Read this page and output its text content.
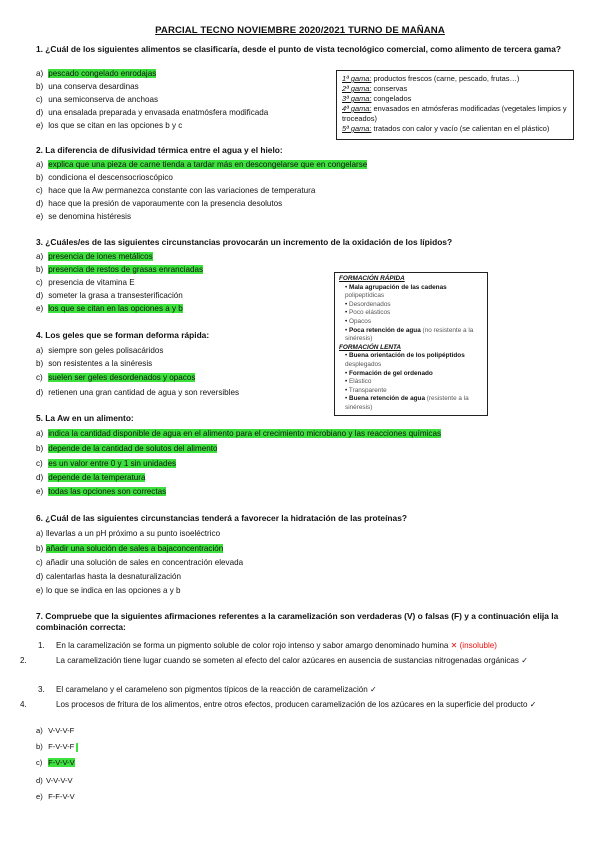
PARCIAL TECNO NOVIEMBRE 2020/2021 TURNO DE MAÑANA
1. ¿Cuál de los siguientes alimentos se clasificaría, desde el punto de vista tecnológico comercial, como alimento de tercera gama?
a) pescado congelado enrodajas
b) una conserva desardinas
c) una semiconserva de anchoas
d) una ensalada preparada y envasada enatmósfera modificada
e) los que se citan en las opciones b y c
1ª gama: productos frescos (carne, pescado, frutas…)
2ª gama: conservas
3ª gama: congelados
4ª gama: envasados en atmósferas modificadas (vegetales limpios y troceados)
5ª gama: tratados con calor y vacío (se calientan en el plástico)
2. La diferencia de difusividad térmica entre el agua y el hielo:
a) explica que una pieza de carne tienda a tardar más en descongelarse que en congelarse
b) condiciona el descensocrioscópico
c) hace que la Aw permanezca constante con las variaciones de temperatura
d) hace que la presión de vaporaumente con la presencia desolutos
e) se denomina histéresis
3. ¿Cuáles/es de las siguientes circunstancias provocarán un incremento de la oxidación de los lípidos?
a) presencia de iones metálicos
b) presencia de restos de grasas enranciadas
c) presencia de vitamina E
d) someter la grasa a transesterificación
e) los que se citan en las opciones a y b
FORMACIÓN RÁPIDA
• Mala agrupación de las cadenas polipeptídicas
• Desordenados
• Poco elásticos
• Opacos
• Poca retención de agua (no resistente a la sinéresis)
FORMACIÓN LENTA
• Buena orientación de los polipéptidos desplegados
• Formación de gel ordenado
• Elástico
• Transparente
• Buena retención de agua (resistente a la sinéresis)
4. Los geles que se forman deforma rápida:
a) siempre son geles polisacáridos
b) son resistentes a la sinéresis
c) suelen ser geles desordenados y opacos
d) retienen una gran cantidad de agua y son reversibles
5. La Aw en un alimento:
a) indica la cantidad disponible de agua en el alimento para el crecimiento microbiano y las reacciones químicas
b) depende de la cantidad de solutos del alimento
c) es un valor entre 0 y 1 sin unidades
d) depende de la temperatura
e) todas las opciones son correctas
6. ¿Cuál de las siguientes circunstancias tenderá a favorecer la hidratación de las proteínas?
a) llevarlas a un pH próximo a su punto isoeléctrico
b) añadir una solución de sales a bajaconcentración
c) añadir una solución de sales en concentración elevada
d) calentarlas hasta la desnaturalización
e) lo que se indica en las opciones a y b
7. Compruebe que la siguientes afirmaciones referentes a la caramelización son verdaderas (V) o falsas (F) y a continuación elija la combinación correcta:
1. En la caramelización se forma un pigmento soluble de color rojo intenso y sabor amargo denominado humina ✕ (insoluble)
2.	La caramelización tiene lugar cuando se someten al efecto del calor azúcares en ausencia de sustancias nitrogenadas orgánicas ✓
3. El caramelano y el carameleno son pigmentos típicos de la reacción de caramelización ✓
4.	Los procesos de fritura de los alimentos, entre otros efectos, producen caramelización de los azúcares en la superficie del producto ✓
a) V-V-V-F
b) F-V-V-F
c) F-V-V-V
d) V-V-V-V
e) F-F-V-V
